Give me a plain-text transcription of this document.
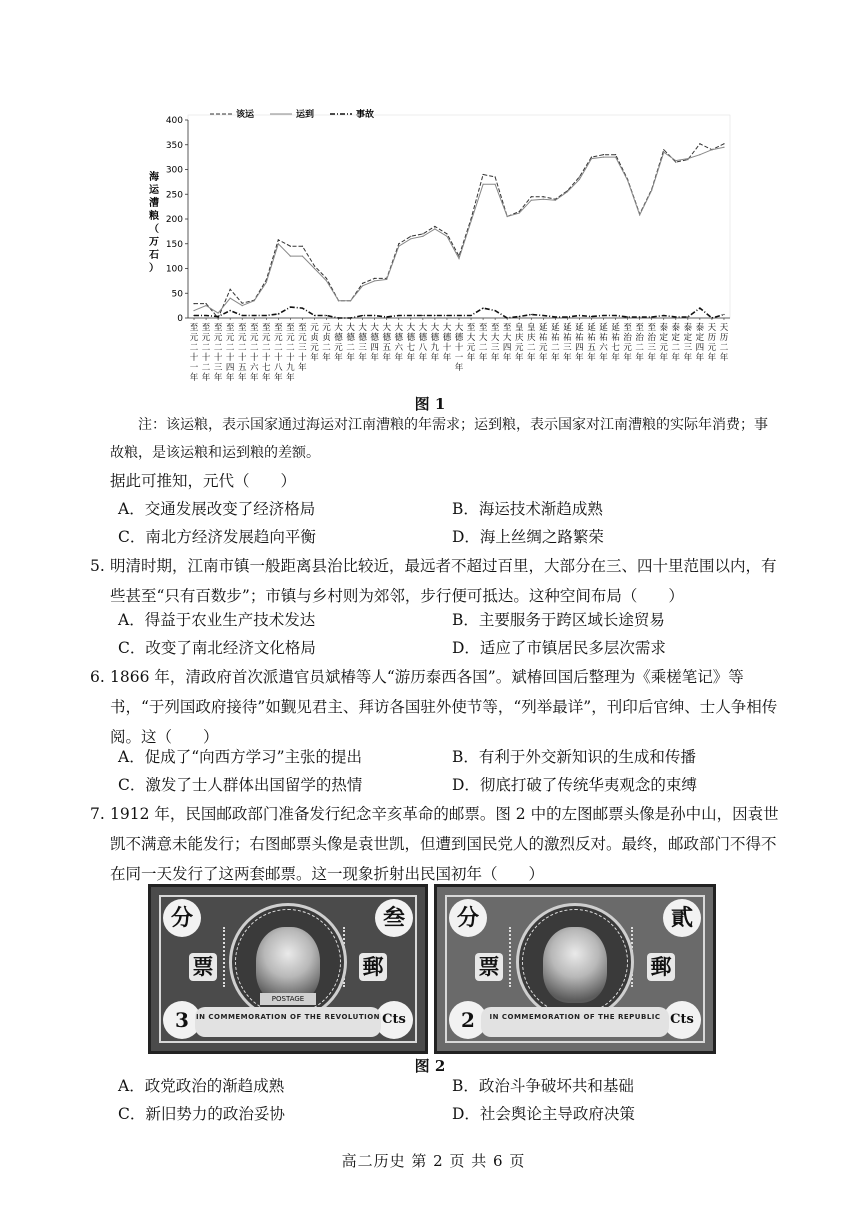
0
50
100
150
200
250
300
350
400
海
运
漕
粮
（
万
石
）
至元二十一年
至元二十二年
至元二十三年
至元二十四年
至元二十五年
至元二十六年
至元二十七年
至元二十八年
至元二十九年
至元三十年
元贞元年
元贞二年
大德元年
大德二年
大德三年
大德四年
大德五年
大德六年
大德七年
大德八年
大德九年
大德十年
大德十一年
至大元年
至大二年
至大三年
至大四年
皇庆元年
皇庆二年
延祐元年
延祐二年
延祐三年
延祐四年
延祐五年
延祐六年
延祐七年
至治元年
至治二年
至治三年
泰定元年
泰定二年
泰定三年
泰定四年
天历元年
天历二年
该运	运到	事故
图 1
注：该运粮，表示国家通过海运对江南漕粮的年需求；运到粮，表示国家对江南漕粮的实际年消费；事故粮，是该运粮和运到粮的差额。
据此可推知，元代（　　）
A．交通发展改变了经济格局	B．海运技术渐趋成熟
C．南北方经济发展趋向平衡	D．海上丝绸之路繁荣
5. 明清时期，江南市镇一般距离县治比较近，最远者不超过百里，大部分在三、四十里范围以内，有些甚至“只有百数步”；市镇与乡村则为郊邻，步行便可抵达。这种空间布局（　　）
A．得益于农业生产技术发达	B．主要服务于跨区域长途贸易
C．改变了南北经济文化格局	D．适应了市镇居民多层次需求
6. 1866 年，清政府首次派遣官员斌椿等人“游历泰西各国”。斌椿回国后整理为《乘槎笔记》等书，“于列国政府接待”如觐见君主、拜访各国驻外使节等，“列举最详”，刊印后官绅、士人争相传阅。这（　　）
A．促成了“向西方学习”主张的提出	B．有利于外交新知识的生成和传播
C．激发了士人群体出国留学的热情	D．彻底打破了传统华夷观念的束缚
7. 1912 年，民国邮政部门准备发行纪念辛亥革命的邮票。图 2 中的左图邮票头像是孙中山，因袁世凯不满意未能发行；右图邮票头像是袁世凯，但遭到国民党人的激烈反对。最终，邮政部门不得不在同一天发行了这两套邮票。这一现象折射出民国初年（　　）
分	叁
3	Cts
票	郵
POSTAGE
IN COMMEMORATION OF THE REVOLUTION
分	貳
2	Cts
票	郵
IN COMMEMORATION OF THE REPUBLIC
图 2
A．政党政治的渐趋成熟	B．政治斗争破坏共和基础
C．新旧势力的政治妥协	D．社会舆论主导政府决策
高二历史 第 2 页 共 6 页
